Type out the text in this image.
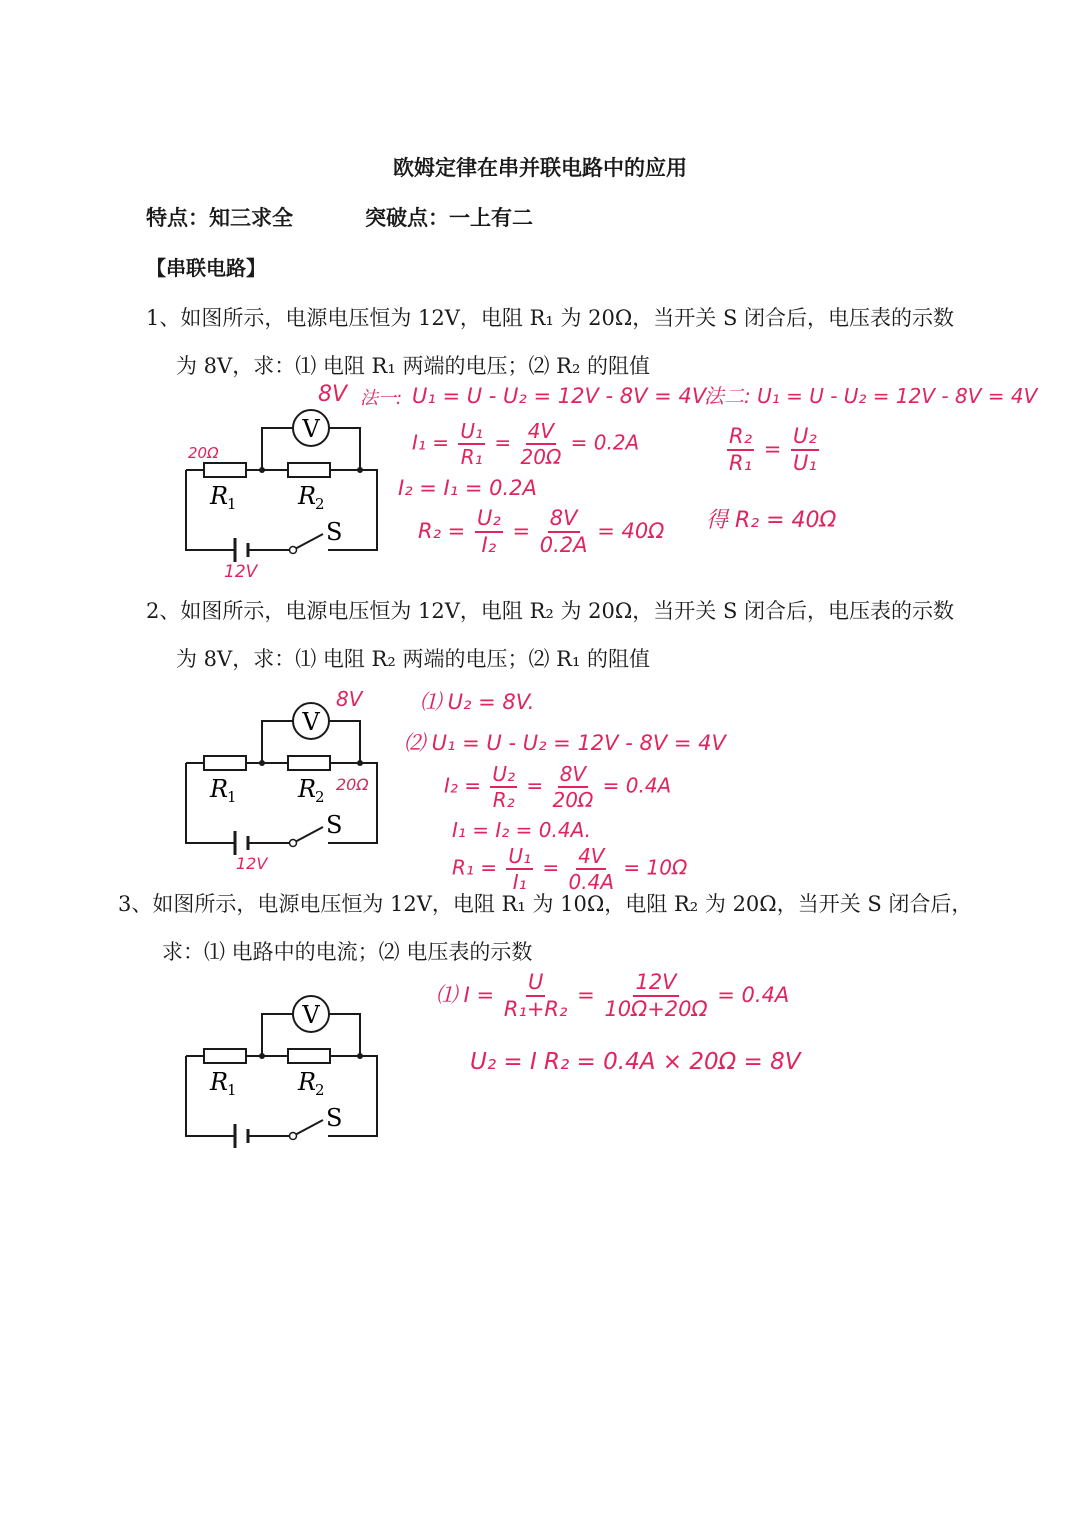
欧姆定律在串并联电路中的应用
特点：知三求全	突破点：一上有二
【串联电路】
1、如图所示，电源电压恒为 12V，电阻 R₁ 为 20Ω，当开关 S 闭合后，电压表的示数
为 8V，求：⑴ 电阻 R₁ 两端的电压；⑵ R₂ 的阻值
V
R
1	R
2
S
20Ω
12V
8V 法一: U₁ = U - U₂ = 12V - 8V = 4V
$I_1 = \frac{\text{U₁}}{\text{R₁}} = \frac{4V}{20\Omega} = 0.2A$
I₂ = I₁ = 0.2A
$R_2 = \frac{\text{U₂}}{\text{I₂}} = \frac{8V}{0.2A} = 40\Omega$
法二: U₁ = U - U₂ = 12V - 8V = 4V
$\frac{\text{R₂}}{\text{R₁}} = \frac{\text{U₂}}{\text{U₁}}$
得 R₂ = 40Ω
2、如图所示，电源电压恒为 12V，电阻 R₂ 为 20Ω，当开关 S 闭合后，电压表的示数
为 8V，求：⑴ 电阻 R₂ 两端的电压；⑵ R₁ 的阻值
V
R
1	R
2
S
8V
20Ω
12V
⑴ U₂ = 8V.
⑵ U₁ = U - U₂ = 12V - 8V = 4V
$I_2 = \frac{\text{U₂}}{\text{R₂}} = \frac{8V}{20\Omega} = 0.4A$
I₁ = I₂ = 0.4A.
$R_1 = \frac{\text{U₁}}{\text{I₁}} = \frac{4V}{0.4A} = 10\Omega$
3、如图所示，电源电压恒为 12V，电阻 R₁ 为 10Ω，电阻 R₂ 为 20Ω，当开关 S 闭合后，
求：⑴ 电路中的电流；⑵ 电压表的示数
V
R
1	R
2
S
⑴ $I = \frac{U}{\text{R₁+R₂}} = \frac{12V}{10\Omega+20\Omega} = 0.4A$
U₂ = I R₂ = 0.4A × 20Ω = 8V
